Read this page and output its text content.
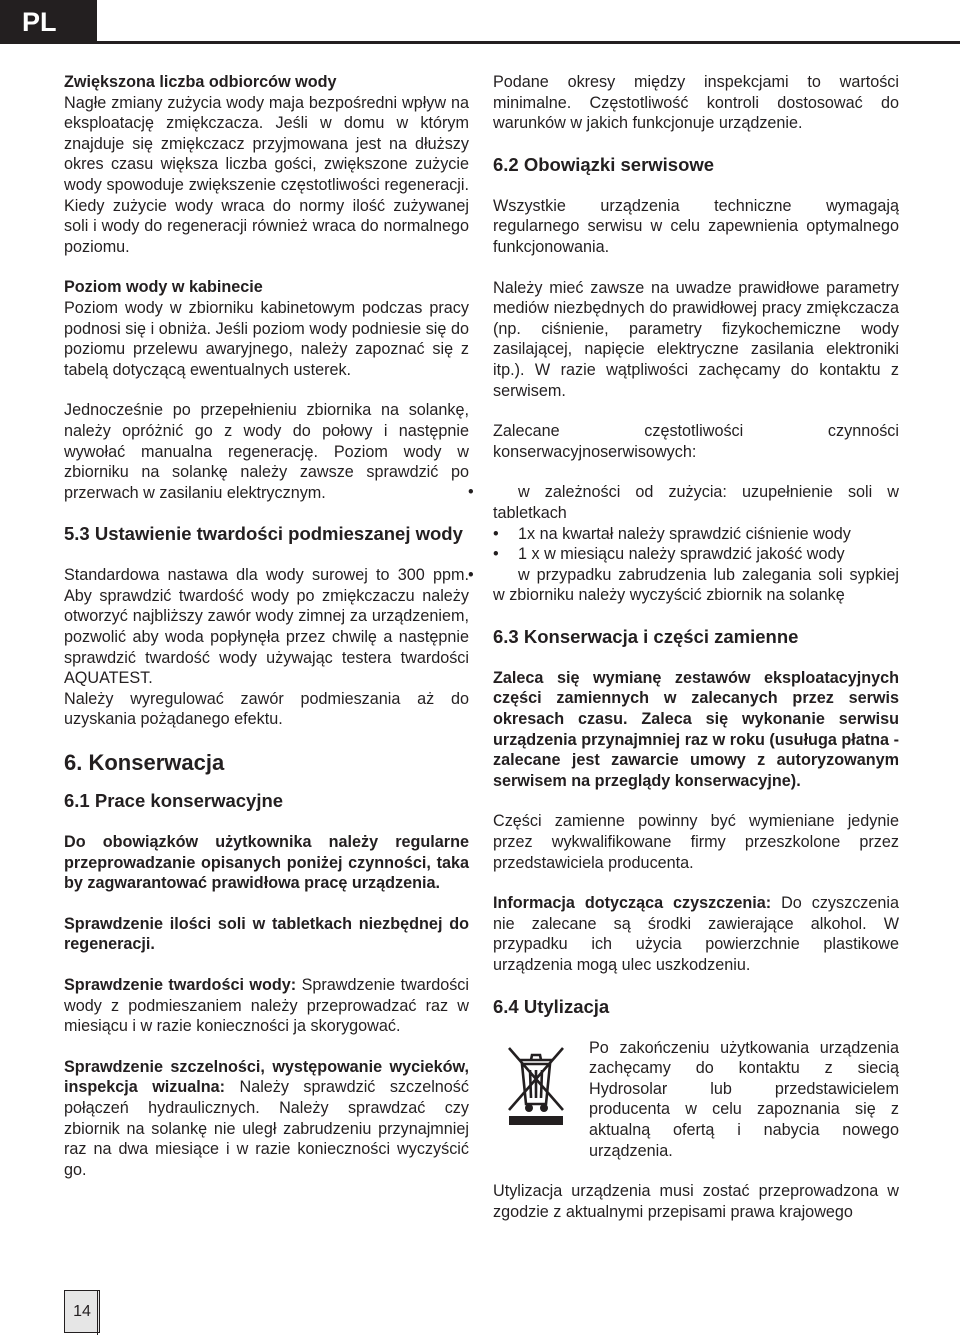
PL

Zwiększona liczba odbiorców wody

Nagłe zmiany zużycia wody maja bezpośredni wpływ na eksploatację zmiękczacza. Jeśli w domu w którym znajduje się zmiękczacz przyjmowana jest na dłuższy okres czasu większa liczba gości, zwiększone zużycie wody spowoduje zwiększenie częstotliwości regeneracji. Kiedy zużycie wody wraca do normy ilość zużywanej soli i wody do regeneracji również wraca do normalnego poziomu.

Poziom wody w kabinecie

Poziom wody w zbiorniku kabinetowym podczas pracy podnosi się i obniża. Jeśli poziom wody podniesie się do poziomu przelewu awaryjnego, należy zapoznać się z tabelą dotyczącą ewentualnych usterek.

Jednocześnie po przepełnieniu zbiornika na solankę, należy opróżnić go z wody do połowy i następnie wywołać manualna regenerację. Poziom wody w zbiorniku na solankę należy zawsze sprawdzić po przerwach w zasilaniu elektrycznym.

5.3 Ustawienie twardości podmieszanej wody

Standardowa nastawa dla wody surowej to 300 ppm. Aby sprawdzić twardość wody po zmiękczaczu należy otworzyć najbliższy zawór wody zimnej za urządzeniem, pozwolić aby woda popłynęła przez chwilę a następnie sprawdzić twardość wody używając testera twardości AQUATEST.

Należy wyregulować zawór podmieszania aż do uzyskania pożądanego efektu.

6. Konserwacja

6.1 Prace konserwacyjne

Do obowiązków użytkownika należy regularne przeprowadzanie opisanych poniżej czynności, taka by zagwarantować prawidłowa pracę urządzenia.

Sprawdzenie ilości soli w tabletkach niezbędnej do regeneracji.

Sprawdzenie twardości wody: Sprawdzenie twardości wody z podmieszaniem należy przeprowadzać raz w miesiącu i w razie konieczności ja skorygować.

Sprawdzenie szczelności, występowanie wycieków, inspekcja wizualna: Należy sprawdzić szczelność połączeń hydraulicznych. Należy sprawdzać czy zbiornik na solankę nie uległ zabrudzeniu przynajmniej raz na dwa miesiące i w razie konieczności wyczyścić go.

Podane okresy między inspekcjami to wartości minimalne. Częstotliwość kontroli dostosować do warunków w jakich funkcjonuje urządzenie.

6.2 Obowiązki serwisowe

Wszystkie urządzenia techniczne wymagają regularnego serwisu w celu zapewnienia optymalnego funkcjonowania.

Należy mieć zawsze na uwadze prawidłowe parametry mediów niezbędnych do prawidłowej pracy zmiękczacza (np. ciśnienie, parametry fizykochemiczne wody zasilającej, napięcie elektryczne zasilania elektroniki itp.). W razie wątpliwości zachęcamy do kontaktu z serwisem.

Zalecane częstotliwości czynności konserwacyjnoserwisowych:

• w zależności od zużycia: uzupełnienie soli w tabletkach
• 1x na kwartał należy sprawdzić ciśnienie wody
• 1 x w miesiącu należy sprawdzić jakość wody
• w przypadku zabrudzenia lub zalegania soli sypkiej w zbiorniku należy wyczyścić zbiornik na solankę

6.3 Konserwacja i części zamienne

Zaleca się wymianę zestawów eksploatacyjnych części zamiennych w zalecanych przez serwis okresach czasu. Zaleca się wykonanie serwisu urządzenia przynajmniej raz w roku (usuługa płatna - zalecane jest zawarcie umowy z autoryzowanym serwisem na przeglądy konserwacyjne).

Części zamienne powinny być wymieniane jedynie przez wykwalifikowane firmy przeszkolone przez przedstawiciela producenta.

Informacja dotycząca czyszczenia: Do czyszczenia nie zalecane są środki zawierające alkohol. W przypadku ich użycia powierzchnie plastikowe urządzenia mogą ulec uszkodzeniu.

6.4 Utylizacja

Po zakończeniu użytkowania urządzenia zachęcamy do kontaktu z siecią Hydrosolar lub przedstawicielem producenta w celu zapoznania się z aktualną ofertą i nabycia nowego urządzenia.

Utylizacja urządzenia musi zostać przeprowadzona w zgodzie z aktualnymi przepisami prawa krajowego

14
